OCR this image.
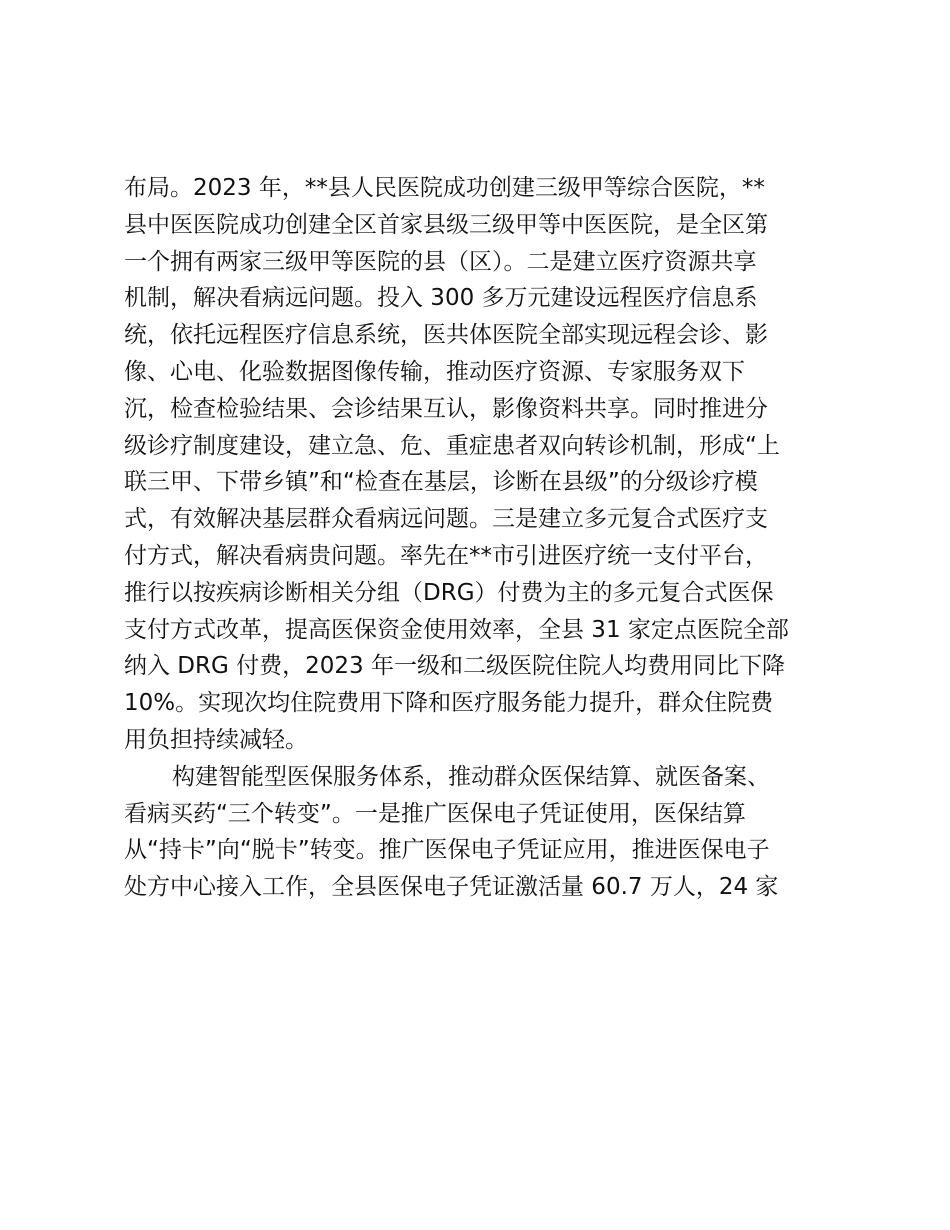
布局。2023 年，**县人民医院成功创建三级甲等综合医院，**
县中医医院成功创建全区首家县级三级甲等中医医院，是全区第
一个拥有两家三级甲等医院的县（区）。二是建立医疗资源共享
机制，解决看病远问题。投入 300 多万元建设远程医疗信息系
统，依托远程医疗信息系统，医共体医院全部实现远程会诊、影
像、心电、化验数据图像传输，推动医疗资源、专家服务双下
沉，检查检验结果、会诊结果互认，影像资料共享。同时推进分
级诊疗制度建设，建立急、危、重症患者双向转诊机制，形成“上
联三甲、下带乡镇”和“检查在基层，诊断在县级”的分级诊疗模
式，有效解决基层群众看病远问题。三是建立多元复合式医疗支
付方式，解决看病贵问题。率先在**市引进医疗统一支付平台，
推行以按疾病诊断相关分组（DRG）付费为主的多元复合式医保
支付方式改革，提高医保资金使用效率，全县 31 家定点医院全部
纳入 DRG 付费，2023 年一级和二级医院住院人均费用同比下降
10%。实现次均住院费用下降和医疗服务能力提升，群众住院费
用负担持续减轻。
构建智能型医保服务体系，推动群众医保结算、就医备案、
看病买药“三个转变”。一是推广医保电子凭证使用，医保结算
从“持卡”向“脱卡”转变。推广医保电子凭证应用，推进医保电子
处方中心接入工作，全县医保电子凭证激活量 60.7 万人，24 家
